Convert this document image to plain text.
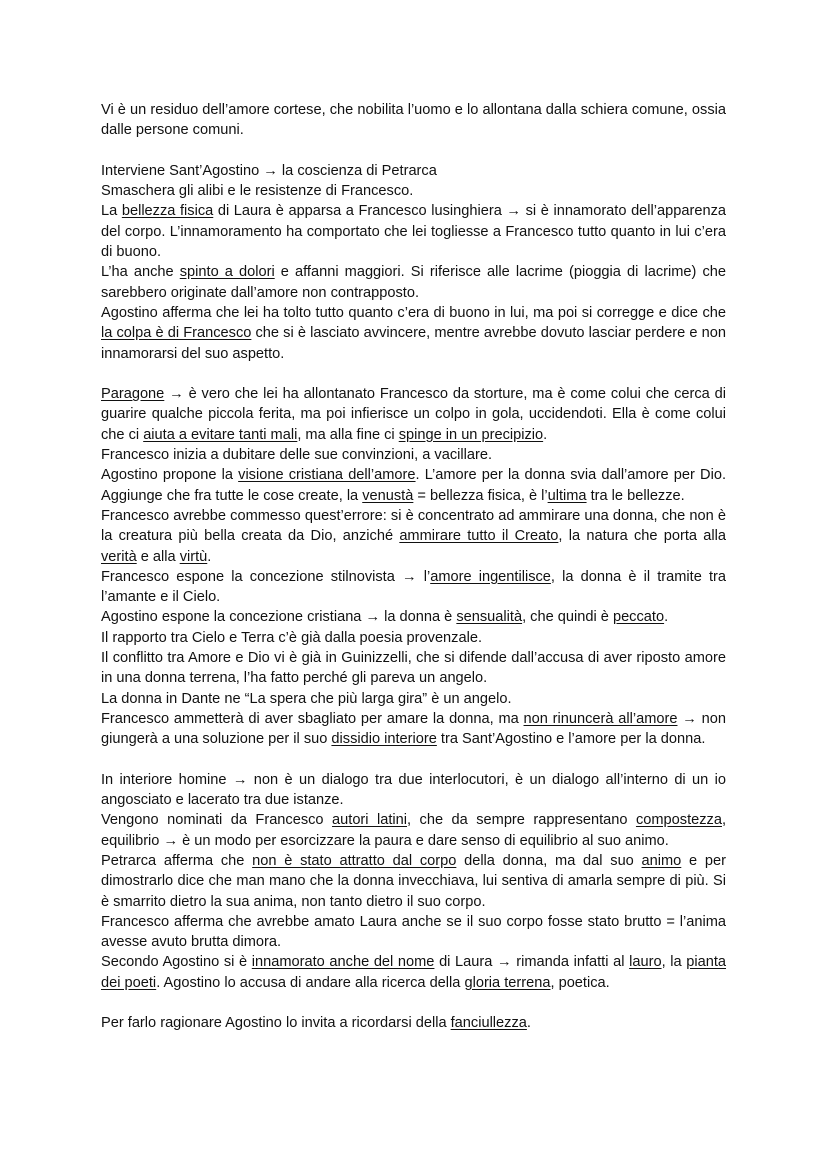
Vi è un residuo dell’amore cortese, che nobilita l’uomo e lo allontana dalla schiera comune, ossia dalle persone comuni.

Interviene Sant’Agostino → la coscienza di Petrarca

Smaschera gli alibi e le resistenze di Francesco.

La bellezza fisica di Laura è apparsa a Francesco lusinghiera → si è innamorato dell’apparenza del corpo. L’innamoramento ha comportato che lei togliesse a Francesco tutto quanto in lui c’era di buono.

L’ha anche spinto a dolori e affanni maggiori. Si riferisce alle lacrime (pioggia di lacrime) che sarebbero originate dall’amore non contrapposto.

Agostino afferma che lei ha tolto tutto quanto c’era di buono in lui, ma poi si corregge e dice che la colpa è di Francesco che si è lasciato avvincere, mentre avrebbe dovuto lasciar perdere e non innamorarsi del suo aspetto.

Paragone → è vero che lei ha allontanato Francesco da storture, ma è come colui che cerca di guarire qualche piccola ferita, ma poi infierisce un colpo in gola, uccidendoti. Ella è come colui che ci aiuta a evitare tanti mali, ma alla fine ci spinge in un precipizio.

Francesco inizia a dubitare delle sue convinzioni, a vacillare.

Agostino propone la visione cristiana dell’amore. L’amore per la donna svia dall’amore per Dio. Aggiunge che fra tutte le cose create, la venustà = bellezza fisica, è l’ultima tra le bellezze.

Francesco avrebbe commesso quest’errore: si è concentrato ad ammirare una donna, che non è la creatura più bella creata da Dio, anziché ammirare tutto il Creato, la natura che porta alla verità e alla virtù.

Francesco espone la concezione stilnovista → l’amore ingentilisce, la donna è il tramite tra l’amante e il Cielo.

Agostino espone la concezione cristiana → la donna è sensualità, che quindi è peccato.

Il rapporto tra Cielo e Terra c’è già dalla poesia provenzale.

Il conflitto tra Amore e Dio vi è già in Guinizzelli, che si difende dall’accusa di aver riposto amore in una donna terrena, l’ha fatto perché gli pareva un angelo.

La donna in Dante ne “La spera che più larga gira” è un angelo.

Francesco ammetterà di aver sbagliato per amare la donna, ma non rinuncerà all’amore → non giungerà a una soluzione per il suo dissidio interiore tra Sant’Agostino e l’amore per la donna.

In interiore homine → non è un dialogo tra due interlocutori, è un dialogo all’interno di un io angosciato e lacerato tra due istanze.

Vengono nominati da Francesco autori latini, che da sempre rappresentano compostezza, equilibrio → è un modo per esorcizzare la paura e dare senso di equilibrio al suo animo.

Petrarca afferma che non è stato attratto dal corpo della donna, ma dal suo animo e per dimostrarlo dice che man mano che la donna invecchiava, lui sentiva di amarla sempre di più. Si è smarrito dietro la sua anima, non tanto dietro il suo corpo.

Francesco afferma che avrebbe amato Laura anche se il suo corpo fosse stato brutto = l’anima avesse avuto brutta dimora.

Secondo Agostino si è innamorato anche del nome di Laura → rimanda infatti al lauro, la pianta dei poeti. Agostino lo accusa di andare alla ricerca della gloria terrena, poetica.

Per farlo ragionare Agostino lo invita a ricordarsi della fanciullezza.
